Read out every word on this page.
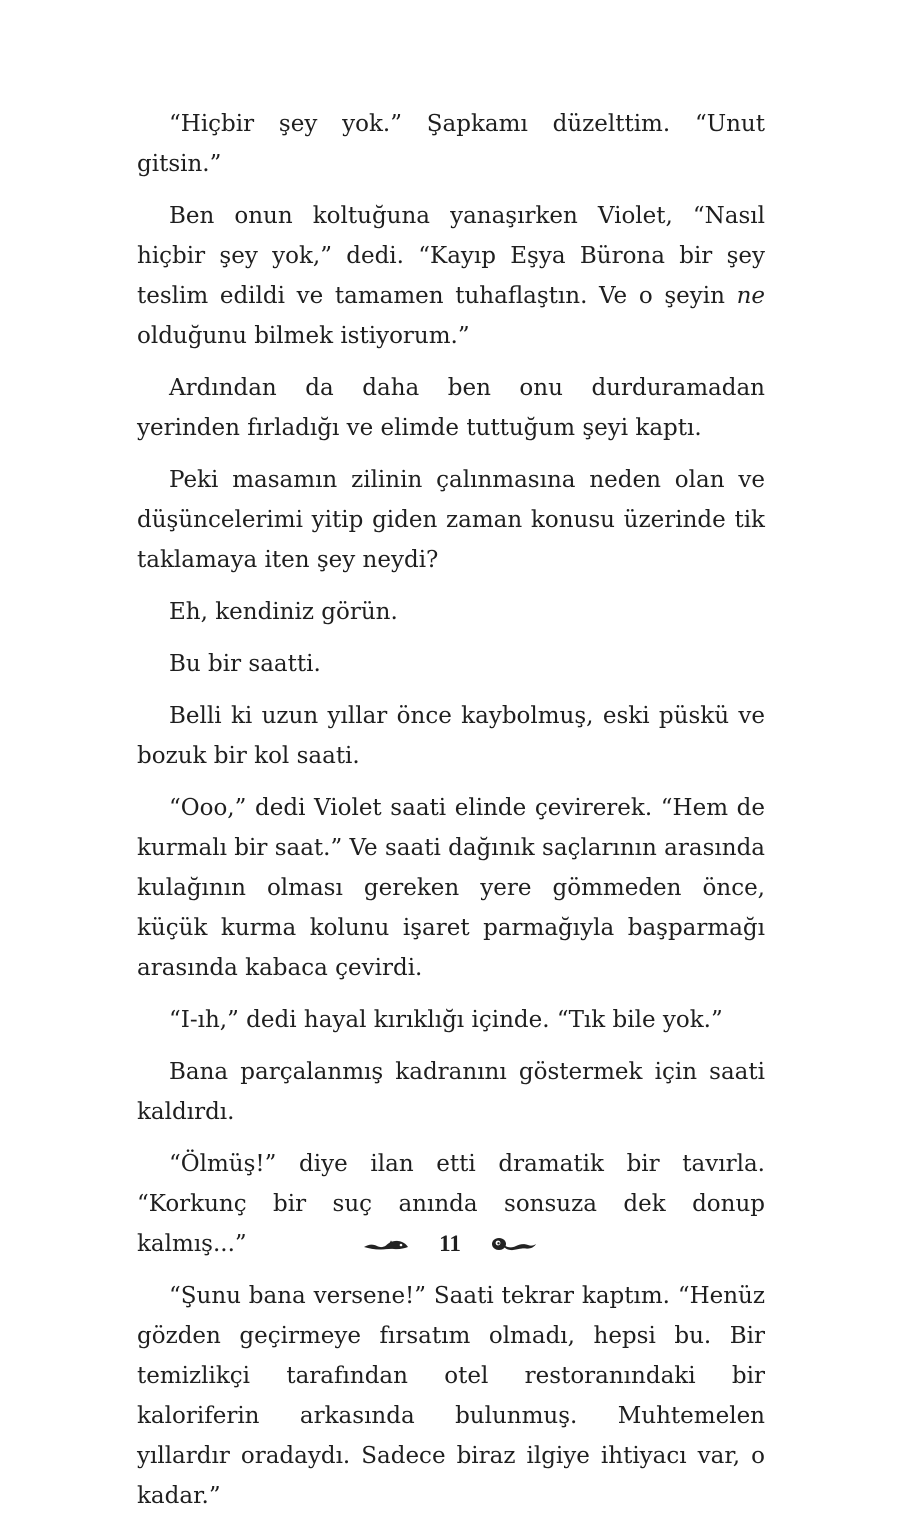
“Hiçbir şey yok.” Şapkamı düzelttim. “Unut gitsin.”

Ben onun koltuğuna yanaşırken Violet, “Nasıl hiçbir şey yok,” dedi. “Kayıp Eşya Bürona bir şey teslim edildi ve tamamen tuhaflaştın. Ve o şeyin ne olduğunu bilmek istiyorum.”

Ardından da daha ben onu durduramadan yerinden fırladığı ve elimde tuttuğum şeyi kaptı.

Peki masamın zilinin çalınmasına neden olan ve düşüncelerimi yitip giden zaman konusu üzerinde tik taklamaya iten şey neydi?

Eh, kendiniz görün.

Bu bir saatti.

Belli ki uzun yıllar önce kaybolmuş, eski püskü ve bozuk bir kol saati.

“Ooo,” dedi Violet saati elinde çevirerek. “Hem de kurmalı bir saat.” Ve saati dağınık saçlarının arasında kulağının olması gereken yere gömmeden önce, küçük kurma kolunu işaret parmağıyla başparmağı arasında kabaca çevirdi.

“I-ıh,” dedi hayal kırıklığı içinde. “Tık bile yok.”

Bana parçalanmış kadranını göstermek için saati kaldırdı.

“Ölmüş!” diye ilan etti dramatik bir tavırla. “Korkunç bir suç anında sonsuza dek donup kalmış...”

“Şunu bana versene!” Saati tekrar kaptım. “Henüz gözden geçirmeye fırsatım olmadı, hepsi bu. Bir temizlikçi tarafından otel restoranındaki bir kaloriferin arkasında bulunmuş. Muhtemelen yıllardır oradaydı. Sadece biraz ilgiye ihtiyacı var, o kadar.”

11
